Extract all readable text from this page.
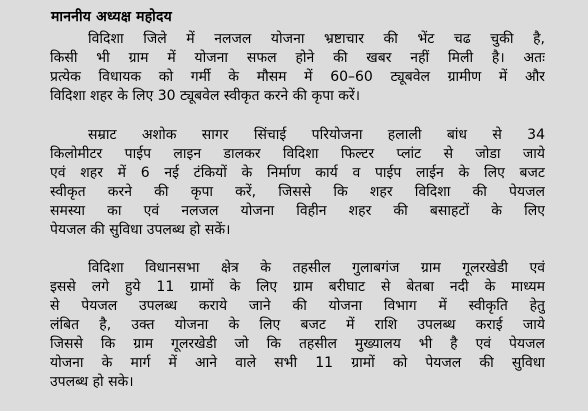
माननीय अध्यक्ष महोदय
विदिशा जिले में नलजल योजना भ्रष्टाचार की भेंट चढ चुकी है,
किसी भी ग्राम में योजना सफल होने की खबर नहीं मिली है। अतः
प्रत्येक विधायक को गर्मी के मौसम में 60–60 ट्यूबवेल ग्रामीण में और
विदिशा शहर के लिए 30 ट्यूबवेल स्वीकृत करने की कृपा करें।
सम्राट अशोक सागर सिंचाई परियोजना हलाली बांध से 34
किलोमीटर पाईप लाइन डालकर विदिशा फिल्टर प्लांट से जोडा जाये
एवं शहर में 6 नई टंकियों के निर्माण कार्य व पाईप लाईन के लिए बजट
स्वीकृत करने की कृपा करें, जिससे कि शहर विदिशा की पेयजल
समस्या का एवं नलजल योजना विहीन शहर की बसाहटों के लिए
पेयजल की सुविधा उपलब्ध हो सकें।
विदिशा विधानसभा क्षेत्र के तहसील गुलाबगंज ग्राम गूलरखेडी एवं
इससे लगे हुये 11 ग्रामों के लिए ग्राम बरीघाट से बेतबा नदी के माध्यम
से पेयजल उपलब्ध कराये जाने की योजना विभाग में स्वीकृति हेतु
लंबित है, उक्त योजना के लिए बजट में राशि उपलब्ध कराई जाये
जिससे कि ग्राम गूलरखेडी जो कि तहसील मुख्यालय भी है एवं पेयजल
योजना के मार्ग में आने वाले सभी 11 ग्रामों को पेयजल की सुविधा
उपलब्ध हो सके।
